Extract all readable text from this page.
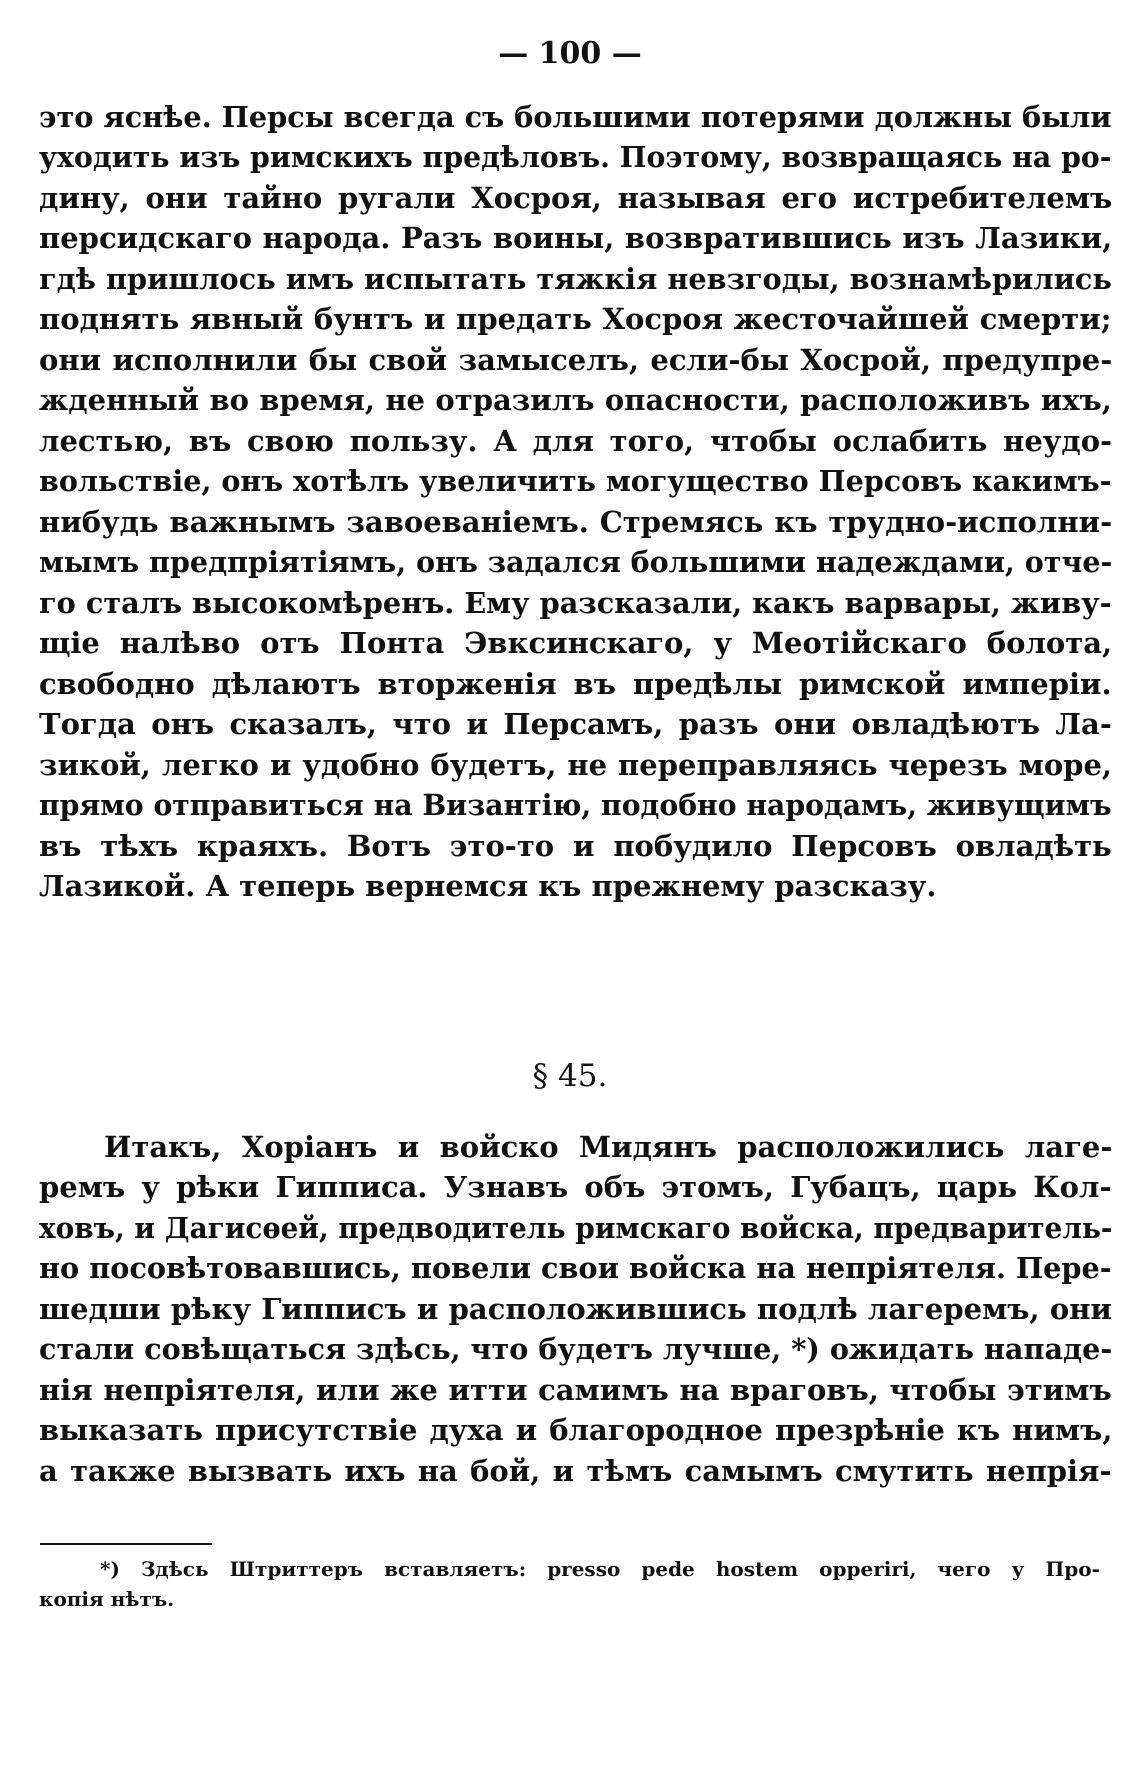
— 100 —

это яснѣе. Персы всегда съ большими потерями должны были

уходить изъ римскихъ предѣловъ. Поэтому, возвращаясь на ро-

дину, они тайно ругали Хосроя, называя его истребителемъ

персидскаго народа. Разъ воины, возвратившись изъ Лазики,

гдѣ пришлось имъ испытать тяжкія невзгоды, вознамѣрились

поднять явный бунтъ и предать Хосроя жесточайшей смерти;

они исполнили бы свой замыселъ, если-бы Хосрой, предупре-

жденный во время, не отразилъ опасности, расположивъ ихъ,

лестью, въ свою пользу. А для того, чтобы ослабить неудо-

вольствіе, онъ хотѣлъ увеличить могущество Персовъ какимъ-

нибудь важнымъ завоеваніемъ. Стремясь къ трудно-исполни-

мымъ предпріятіямъ, онъ задался большими надеждами, отче-

го сталъ высокомѣренъ. Ему разсказали, какъ варвары, живу-

щіе налѣво отъ Понта Эвксинскаго, у Меотійскаго болота,

свободно дѣлаютъ вторженія въ предѣлы римской имперіи.

Тогда онъ сказалъ, что и Персамъ, разъ они овладѣютъ Ла-

зикой, легко и удобно будетъ, не переправляясь черезъ море,

прямо отправиться на Византію, подобно народамъ, живущимъ

въ тѣхъ краяхъ. Вотъ это-то и побудило Персовъ овладѣть

Лазикой. А теперь вернемся къ прежнему разсказу.

§ 45.

Итакъ, Хоріанъ и войско Мидянъ расположились лаге-

ремъ у рѣки Гипписа. Узнавъ объ этомъ, Губацъ, царь Кол-

ховъ, и Дагисѳей, предводитель римскаго войска, предваритель-

но посовѣтовавшись, повели свои войска на непріятеля. Пере-

шедши рѣку Гипписъ и расположившись подлѣ лагеремъ, они

стали совѣщаться здѣсь, что будетъ лучше, *) ожидать нападе-

нія непріятеля, или же итти самимъ на враговъ, чтобы этимъ

выказать присутствіе духа и благородное презрѣніе къ нимъ,

а также вызвать ихъ на бой, и тѣмъ самымъ смутить непрія-

*) Здѣсь Штриттеръ вставляетъ: presso pede hostem opperiri, чего у Про-

копія нѣтъ.
